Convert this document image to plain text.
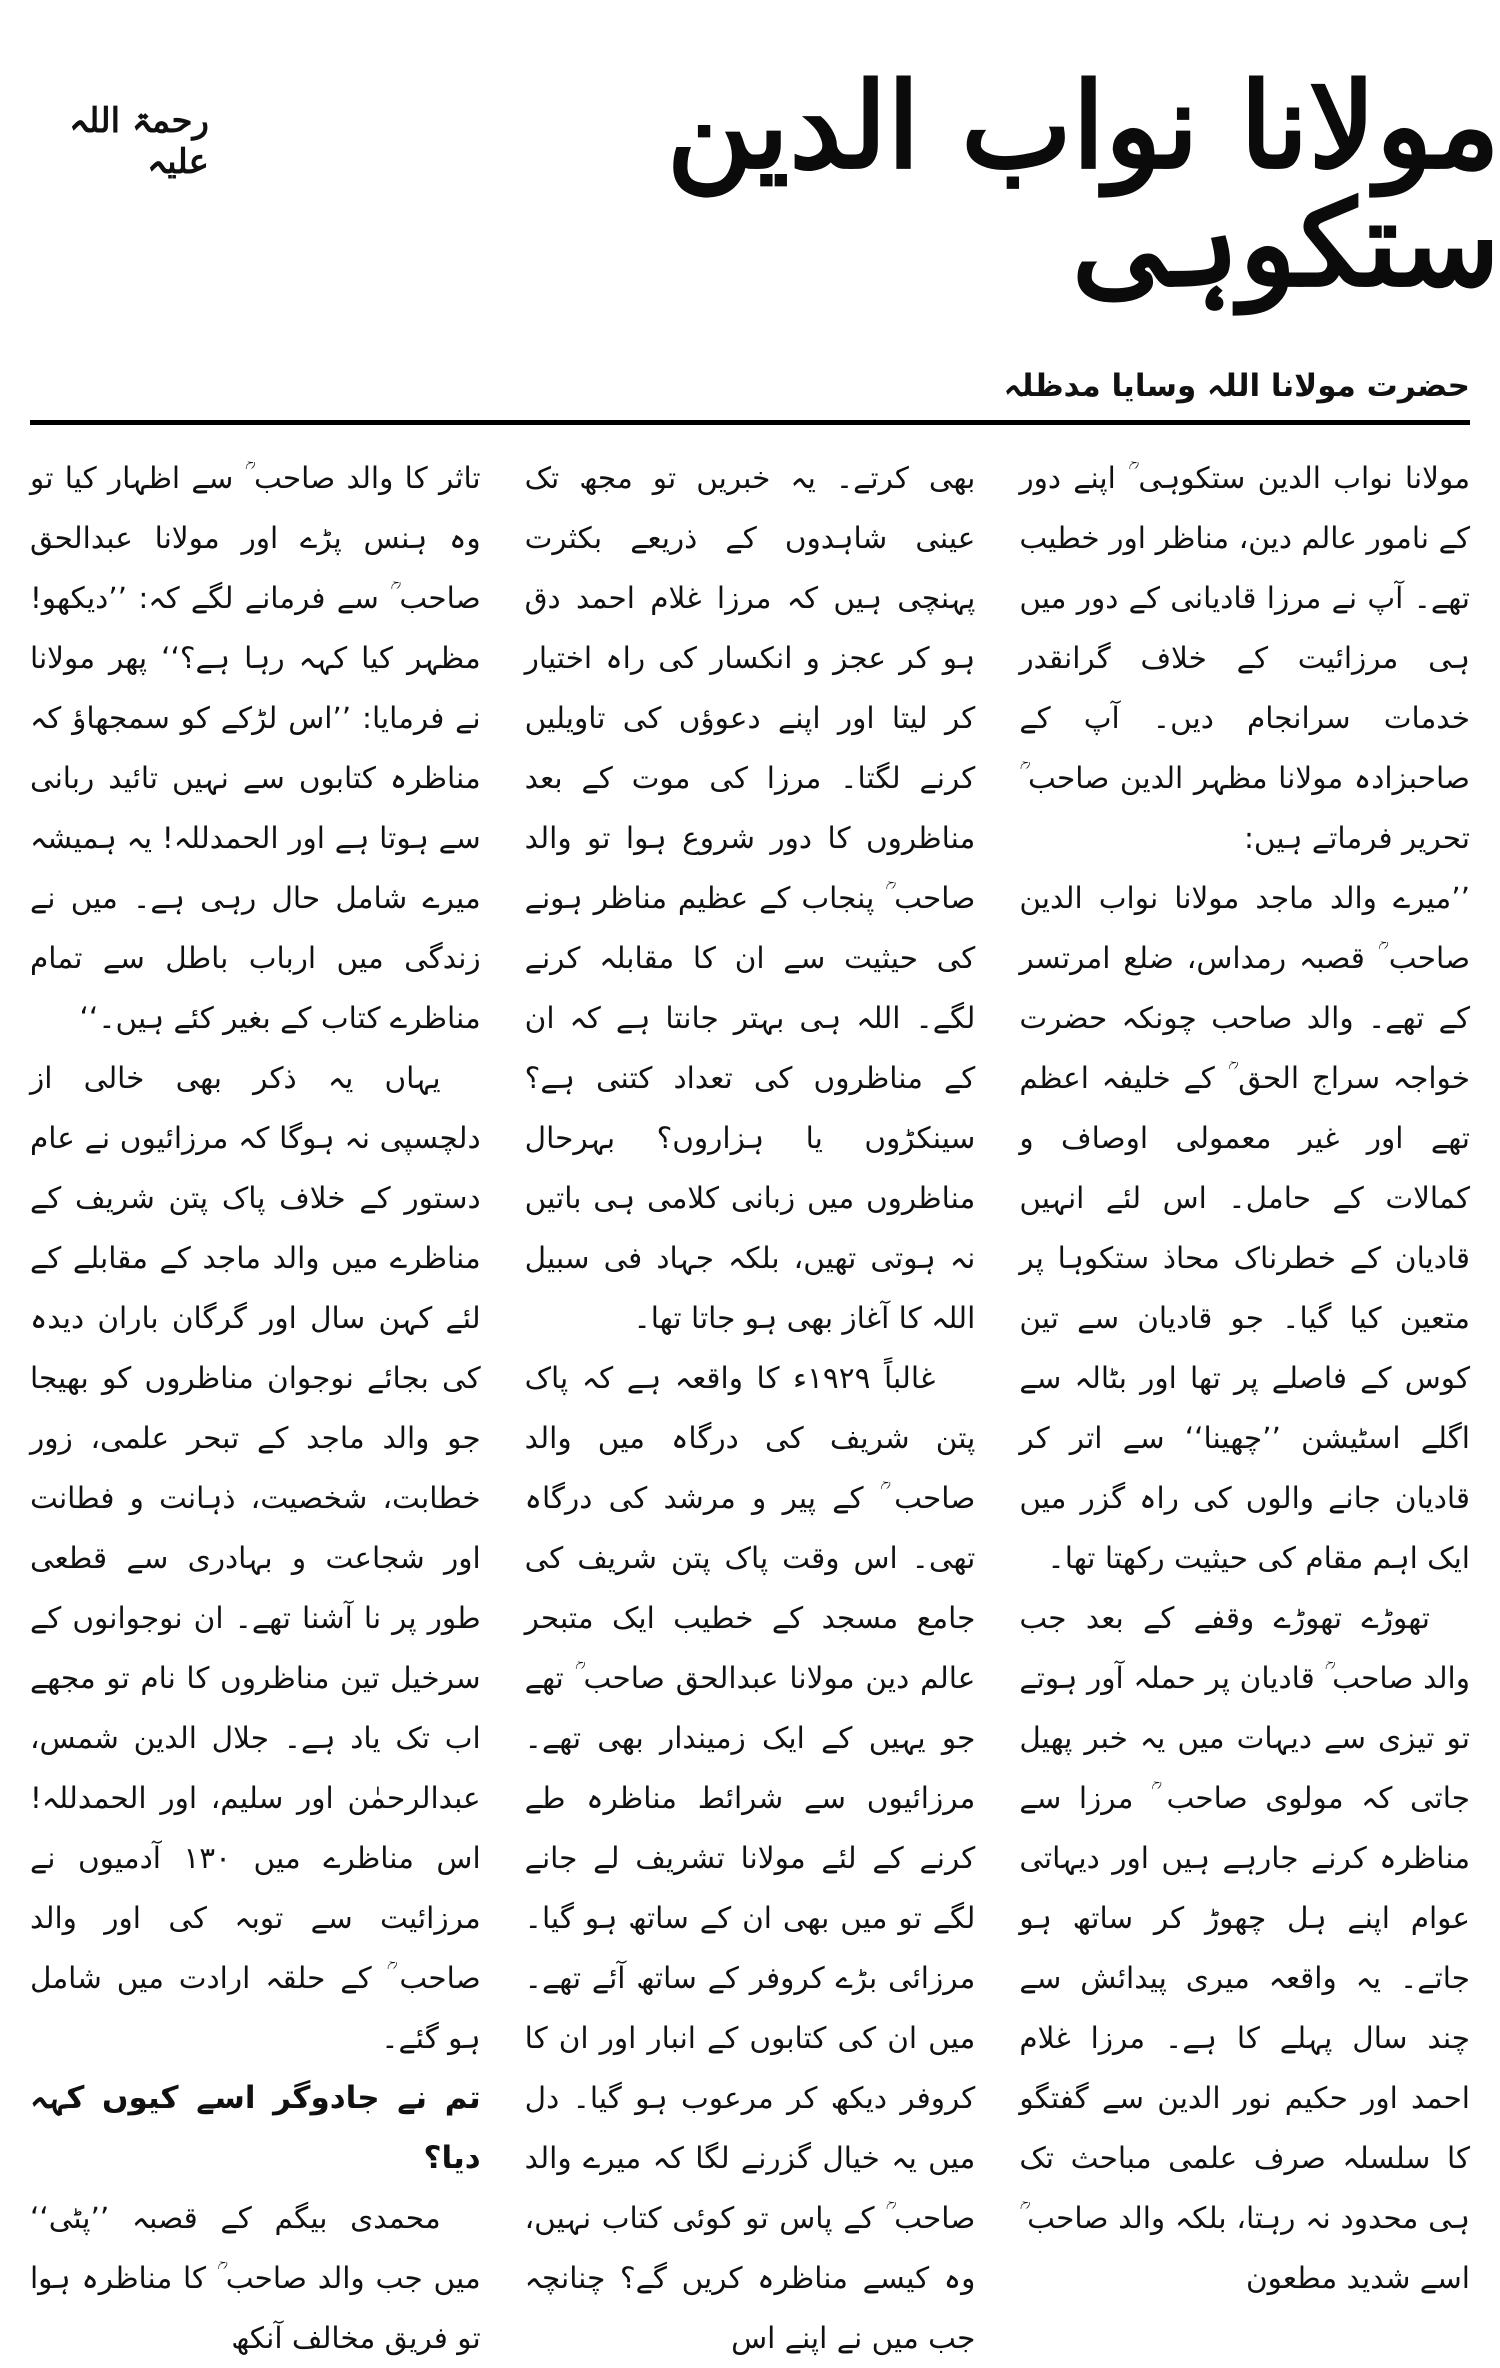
مولانا نواب الدین ستکوہی
رحمۃ اللہ علیہ
حضرت مولانا اللہ وسایا مدظلہ

مولانا نواب الدین ستکوہی ؒ اپنے دور کے نامور عالم دین، مناظر اور خطیب تھے۔ آپ نے مرزا قادیانی کے دور میں ہی مرزائیت کے خلاف گرانقدر خدمات سرانجام دیں۔ آپ کے صاحبزادہ مولانا مظہر الدین صاحب ؒ تحریر فرماتے ہیں:

’’میرے والد ماجد مولانا نواب الدین صاحب ؒ قصبہ رمداس، ضلع امرتسر کے تھے۔ والد صاحب چونکہ حضرت خواجہ سراج الحق ؒ کے خلیفہ اعظم تھے اور غیر معمولی اوصاف و کمالات کے حامل۔ اس لئے انہیں قادیان کے خطرناک محاذ ستکوہا پر متعین کیا گیا۔ جو قادیان سے تین کوس کے فاصلے پر تھا اور بٹالہ سے اگلے اسٹیشن ’’چھینا‘‘ سے اتر کر قادیان جانے والوں کی راہ گزر میں ایک اہم مقام کی حیثیت رکھتا تھا۔

تھوڑے تھوڑے وقفے کے بعد جب والد صاحب ؒ قادیان پر حملہ آور ہوتے تو تیزی سے دیہات میں یہ خبر پھیل جاتی کہ مولوی صاحب ؒ مرزا سے مناظرہ کرنے جارہے ہیں اور دیہاتی عوام اپنے ہل چھوڑ کر ساتھ ہو جاتے۔ یہ واقعہ میری پیدائش سے چند سال پہلے کا ہے۔ مرزا غلام احمد اور حکیم نور الدین سے گفتگو کا سلسلہ صرف علمی مباحث تک ہی محدود نہ رہتا، بلکہ والد صاحب ؒ اسے شدید مطعون

بھی کرتے۔ یہ خبریں تو مجھ تک عینی شاہدوں کے ذریعے بکثرت پہنچی ہیں کہ مرزا غلام احمد دق ہو کر عجز و انکسار کی راہ اختیار کر لیتا اور اپنے دعوؤں کی تاویلیں کرنے لگتا۔ مرزا کی موت کے بعد مناظروں کا دور شروع ہوا تو والد صاحب ؒ پنجاب کے عظیم مناظر ہونے کی حیثیت سے ان کا مقابلہ کرنے لگے۔ اللہ ہی بہتر جانتا ہے کہ ان کے مناظروں کی تعداد کتنی ہے؟ سینکڑوں یا ہزاروں؟ بہرحال مناظروں میں زبانی کلامی ہی باتیں نہ ہوتی تھیں، بلکہ جہاد فی سبیل اللہ کا آغاز بھی ہو جاتا تھا۔

غالباً ۱۹۲۹ء کا واقعہ ہے کہ پاک پتن شریف کی درگاہ میں والد صاحب ؒ کے پیر و مرشد کی درگاہ تھی۔ اس وقت پاک پتن شریف کی جامع مسجد کے خطیب ایک متبحر عالم دین مولانا عبدالحق صاحب ؒ تھے جو یہیں کے ایک زمیندار بھی تھے۔ مرزائیوں سے شرائط مناظرہ طے کرنے کے لئے مولانا تشریف لے جانے لگے تو میں بھی ان کے ساتھ ہو گیا۔ مرزائی بڑے کروفر کے ساتھ آئے تھے۔ میں ان کی کتابوں کے انبار اور ان کا کروفر دیکھ کر مرعوب ہو گیا۔ دل میں یہ خیال گزرنے لگا کہ میرے والد صاحب ؒ کے پاس تو کوئی کتاب نہیں، وہ کیسے مناظرہ کریں گے؟ چنانچہ جب میں نے اپنے اس

تاثر کا والد صاحب ؒ سے اظہار کیا تو وہ ہنس پڑے اور مولانا عبدالحق صاحب ؒ سے فرمانے لگے کہ: ’’دیکھو! مظہر کیا کہہ رہا ہے؟‘‘ پھر مولانا نے فرمایا: ’’اس لڑکے کو سمجھاؤ کہ مناظرہ کتابوں سے نہیں تائید ربانی سے ہوتا ہے اور الحمدللہ! یہ ہمیشہ میرے شامل حال رہی ہے۔ میں نے زندگی میں ارباب باطل سے تمام مناظرے کتاب کے بغیر کئے ہیں۔‘‘

یہاں یہ ذکر بھی خالی از دلچسپی نہ ہوگا کہ مرزائیوں نے عام دستور کے خلاف پاک پتن شریف کے مناظرے میں والد ماجد کے مقابلے کے لئے کہن سال اور گرگان باران دیدہ کی بجائے نوجوان مناظروں کو بھیجا جو والد ماجد کے تبحر علمی، زور خطابت، شخصیت، ذہانت و فطانت اور شجاعت و بہادری سے قطعی طور پر نا آشنا تھے۔ ان نوجوانوں کے سرخیل تین مناظروں کا نام تو مجھے اب تک یاد ہے۔ جلال الدین شمس، عبدالرحمٰن اور سلیم، اور الحمدللہ! اس مناظرے میں ۱۳۰ آدمیوں نے مرزائیت سے توبہ کی اور والد صاحب ؒ کے حلقہ ارادت میں شامل ہو گئے۔

تم نے جادوگر اسے کیوں کہہ دیا؟

محمدی بیگم کے قصبہ ’’پٹی‘‘ میں جب والد صاحب ؒ کا مناظرہ ہوا تو فریق مخالف آنکھ
